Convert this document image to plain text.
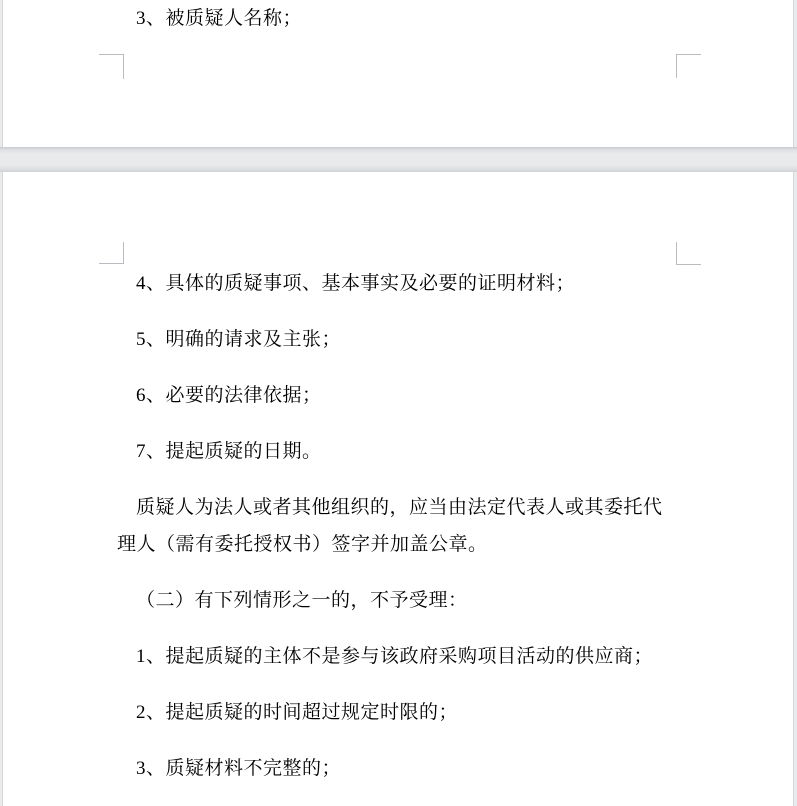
3、被质疑人名称；

4、具体的质疑事项、基本事实及必要的证明材料；

5、明确的请求及主张；

6、必要的法律依据；

7、提起质疑的日期。

质疑人为法人或者其他组织的，应当由法定代表人或其委托代理人（需有委托授权书）签字并加盖公章。

（二）有下列情形之一的，不予受理：

1、提起质疑的主体不是参与该政府采购项目活动的供应商；

2、提起质疑的时间超过规定时限的；

3、质疑材料不完整的；
